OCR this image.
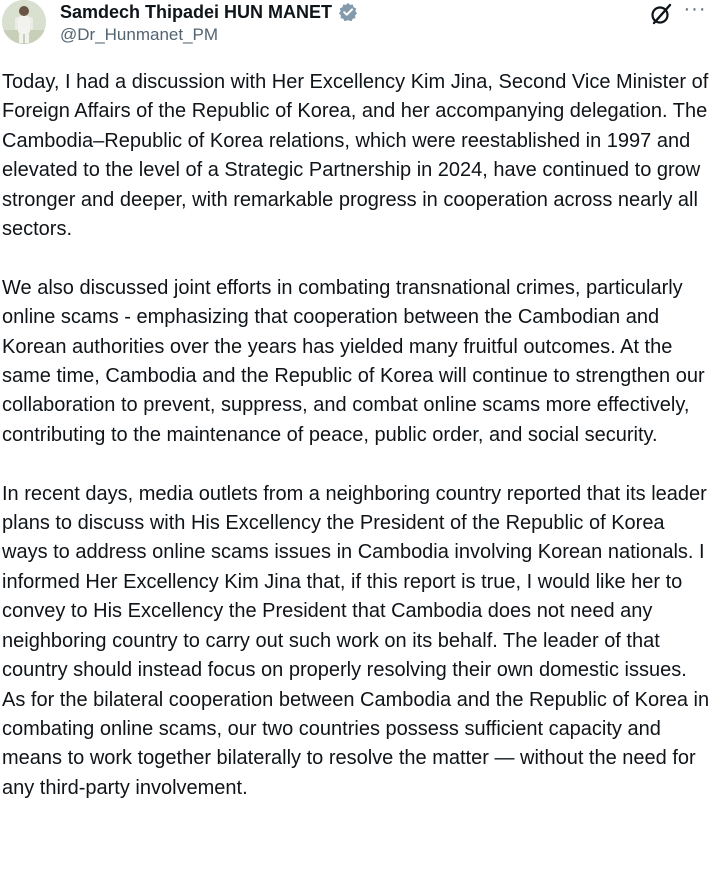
Samdech Thipadei HUN MANET
@Dr_Hunmanet_PM
···

Today, I had a discussion with Her Excellency Kim Jina, Second Vice Minister of Foreign Affairs of the Republic of Korea, and her accompanying delegation. The Cambodia–Republic of Korea relations, which were reestablished in 1997 and elevated to the level of a Strategic Partnership in 2024, have continued to grow stronger and deeper, with remarkable progress in cooperation across nearly all sectors.

We also discussed joint efforts in combating transnational crimes, particularly online scams - emphasizing that cooperation between the Cambodian and Korean authorities over the years has yielded many fruitful outcomes. At the same time, Cambodia and the Republic of Korea will continue to strengthen our collaboration to prevent, suppress, and combat online scams more effectively, contributing to the maintenance of peace, public order, and social security.

In recent days, media outlets from a neighboring country reported that its leader plans to discuss with His Excellency the President of the Republic of Korea ways to address online scams issues in Cambodia involving Korean nationals. I informed Her Excellency Kim Jina that, if this report is true, I would like her to convey to His Excellency the President that Cambodia does not need any neighboring country to carry out such work on its behalf. The leader of that country should instead focus on properly resolving their own domestic issues. As for the bilateral cooperation between Cambodia and the Republic of Korea in combating online scams, our two countries possess sufficient capacity and means to work together bilaterally to resolve the matter — without the need for any third-party involvement.
